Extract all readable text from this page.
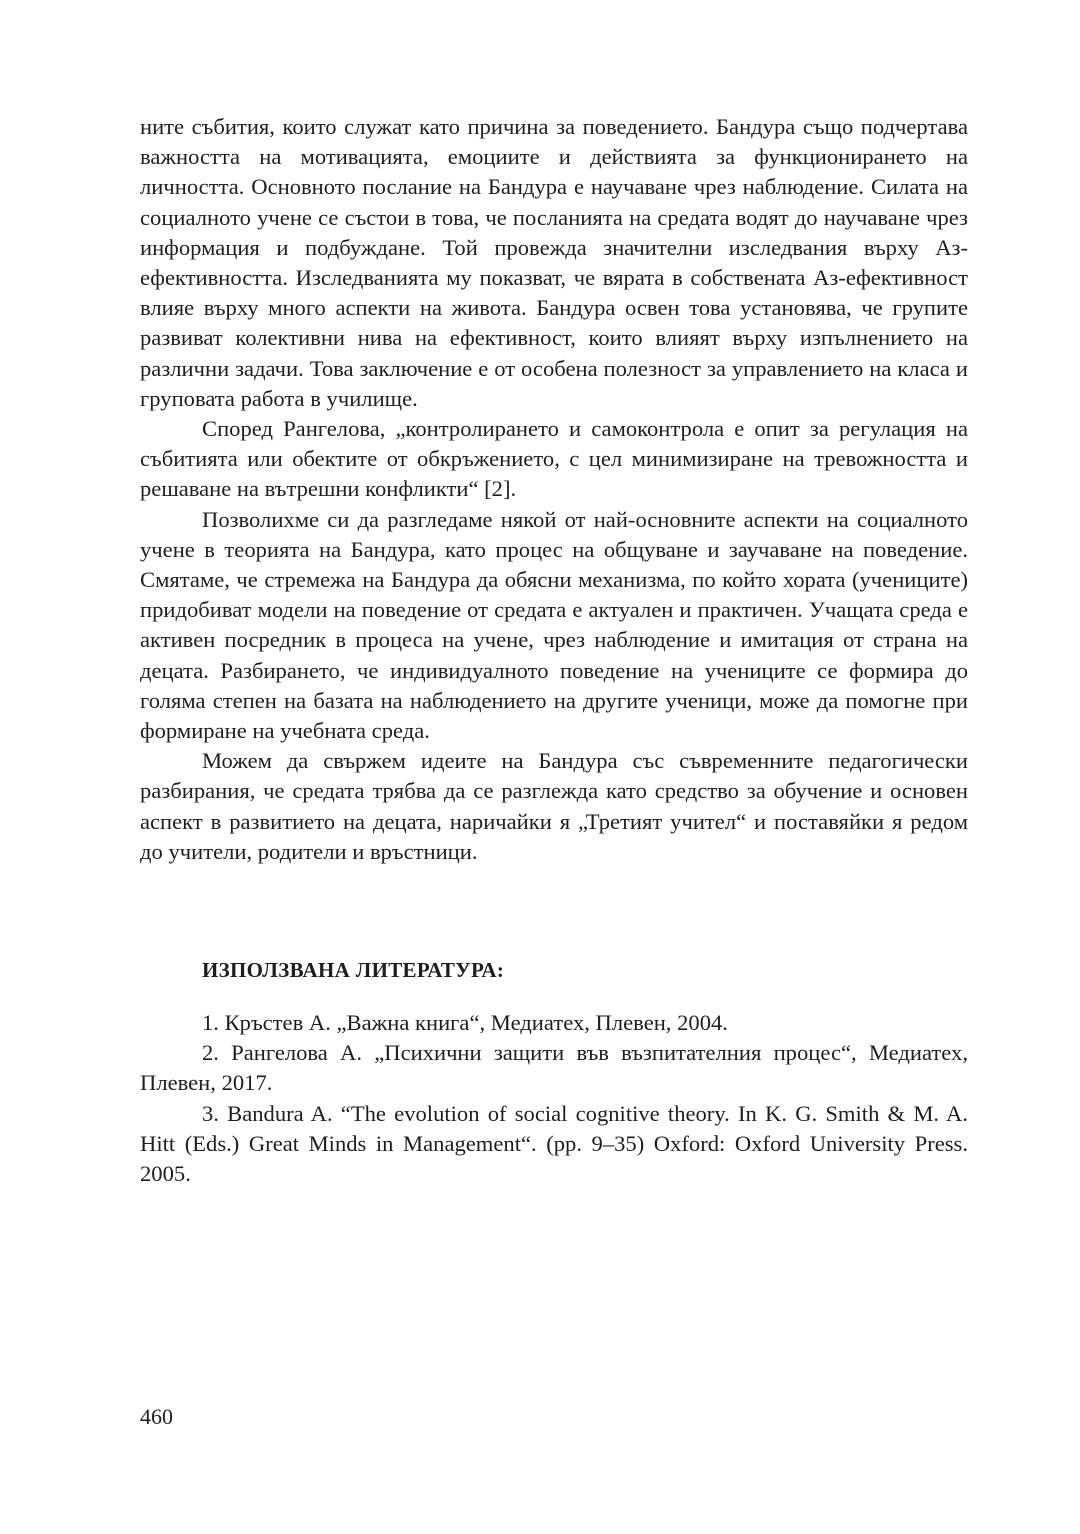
ните събития, които служат като причина за поведението. Бандура също подчертава важността на мотивацията, емоциите и действията за функционирането на личността. Основното послание на Бандура е научаване чрез наблюдение. Силата на социалното учене се състои в това, че посланията на средата водят до научаване чрез информация и подбуждане. Той провежда значителни изследвания върху Аз-ефективността. Изследванията му показват, че вярата в собствената Аз-ефективност влияе върху много аспекти на живота. Бандура освен това установява, че групите развиват колективни нива на ефективност, които влияят върху изпълнението на различни задачи. Това заключение е от особена полезност за управлението на класа и груповата работа в училище.

Според Рангелова, „контролирането и самоконтрола е опит за регулация на събитията или обектите от обкръжението, с цел минимизиране на тревожността и решаване на вътрешни конфликти“ [2].

Позволихме си да разгледаме някой от най-основните аспекти на социалното учене в теорията на Бандура, като процес на общуване и заучаване на поведение. Смятаме, че стремежа на Бандура да обясни механизма, по който хората (учениците) придобиват модели на поведение от средата е актуален и практичен. Учащата среда е активен посредник в процеса на учене, чрез наблюдение и имитация от страна на децата. Разбирането, че индивидуалното поведение на учениците се формира до голяма степен на базата на наблюдението на другите ученици, може да помогне при формиране на учебната среда.

Можем да свържем идеите на Бандура със съвременните педагогически разбирания, че средата трябва да се разглежда като средство за обучение и основен аспект в развитието на децата, наричайки я „Третият учител“ и поставяйки я редом до учители, родители и връстници.

ИЗПОЛЗВАНА ЛИТЕРАТУРА:
1. Кръстев А. „Важна книга“, Медиатех, Плевен, 2004.
2. Рангелова А. „Психични защити във възпитателния процес“, Медиатех, Плевен, 2017.
3. Bandura A. “The evolution of social cognitive theory. In K. G. Smith & M. A. Hitt (Eds.) Great Minds in Management“. (pp. 9–35) Oxford: Oxford University Press. 2005.
460
